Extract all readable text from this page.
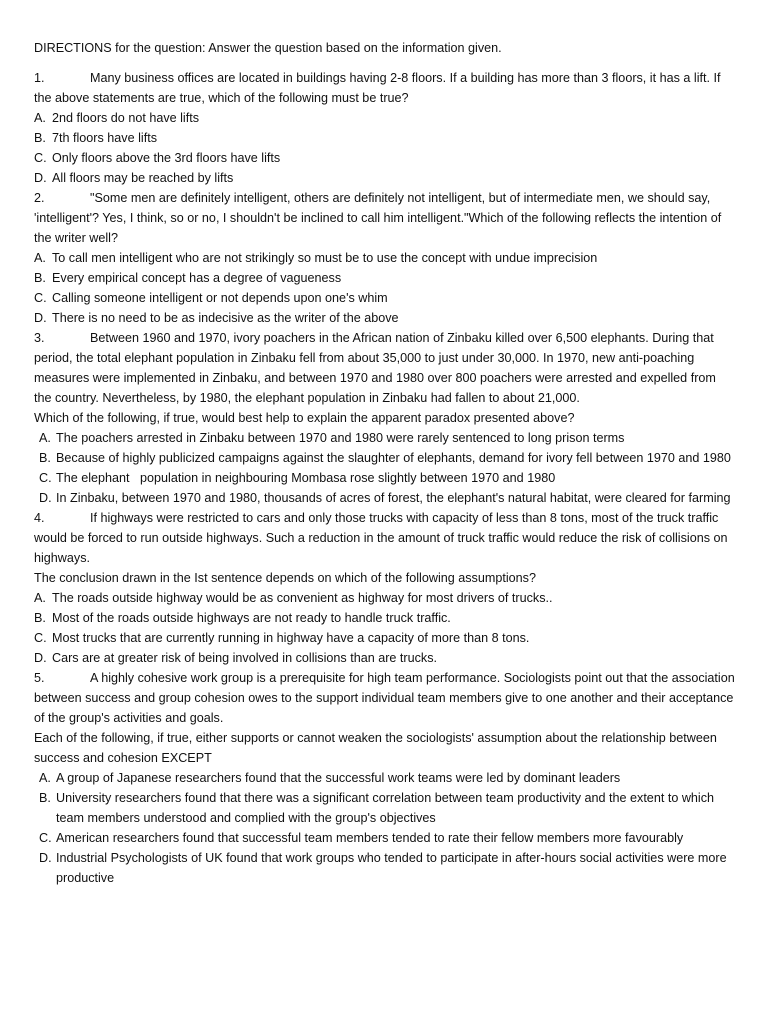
DIRECTIONS for the question: Answer the question based on the information given.

1.	Many business offices are located in buildings having 2-8 floors. If a building has more than 3 floors, it has a lift. If the above statements are true, which of the following must be true?

A. 2nd floors do not have lifts
B. 7th floors have lifts
C. Only floors above the 3rd floors have lifts
D. All floors may be reached by lifts

2.	"Some men are definitely intelligent, others are definitely not intelligent, but of intermediate men, we should say, 'intelligent'? Yes, I think, so or no, I shouldn't be inclined to call him intelligent."Which of the following reflects the intention of the writer well?

A. To call men intelligent who are not strikingly so must be to use the concept with undue imprecision
B. Every empirical concept has a degree of vagueness
C. Calling someone intelligent or not depends upon one's whim
D. There is no need to be as indecisive as the writer of the above

3.	Between 1960 and 1970, ivory poachers in the African nation of Zinbaku killed over 6,500 elephants. During that period, the total elephant population in Zinbaku fell from about 35,000 to just under 30,000. In 1970, new anti-poaching measures were implemented in Zinbaku, and between 1970 and 1980 over 800 poachers were arrested and expelled from the country. Nevertheless, by 1980, the elephant population in Zinbaku had fallen to about 21,000.

Which of the following, if true, would best help to explain the apparent paradox presented above?

A. The poachers arrested in Zinbaku between 1970 and 1980 were rarely sentenced to long prison terms
B. Because of highly publicized campaigns against the slaughter of elephants, demand for ivory fell between 1970 and 1980
C. The elephant   population in neighbouring Mombasa rose slightly between 1970 and 1980
D. In Zinbaku, between 1970 and 1980, thousands of acres of forest, the elephant's natural habitat, were cleared for farming

4.	If highways were restricted to cars and only those trucks with capacity of less than 8 tons, most of the truck traffic would be forced to run outside highways. Such a reduction in the amount of truck traffic would reduce the risk of collisions on highways.

The conclusion drawn in the Ist sentence depends on which of the following assumptions?

A. The roads outside highway would be as convenient as highway for most drivers of trucks..
B. Most of the roads outside highways are not ready to handle truck traffic.
C. Most trucks that are currently running in highway have a capacity of more than 8 tons.
D. Cars are at greater risk of being involved in collisions than are trucks.

5.	A highly cohesive work group is a prerequisite for high team performance. Sociologists point out that the association between success and group cohesion owes to the support individual team members give to one another and their acceptance of the group's activities and goals.

Each of the following, if true, either supports or cannot weaken the sociologists' assumption about the relationship between success and cohesion EXCEPT

A. A group of Japanese researchers found that the successful work teams were led by dominant leaders
B. University researchers found that there was a significant correlation between team productivity and the extent to which team members understood and complied with the group's objectives
C. American researchers found that successful team members tended to rate their fellow members more favourably
D. Industrial Psychologists of UK found that work groups who tended to participate in after-hours social activities were more productive
